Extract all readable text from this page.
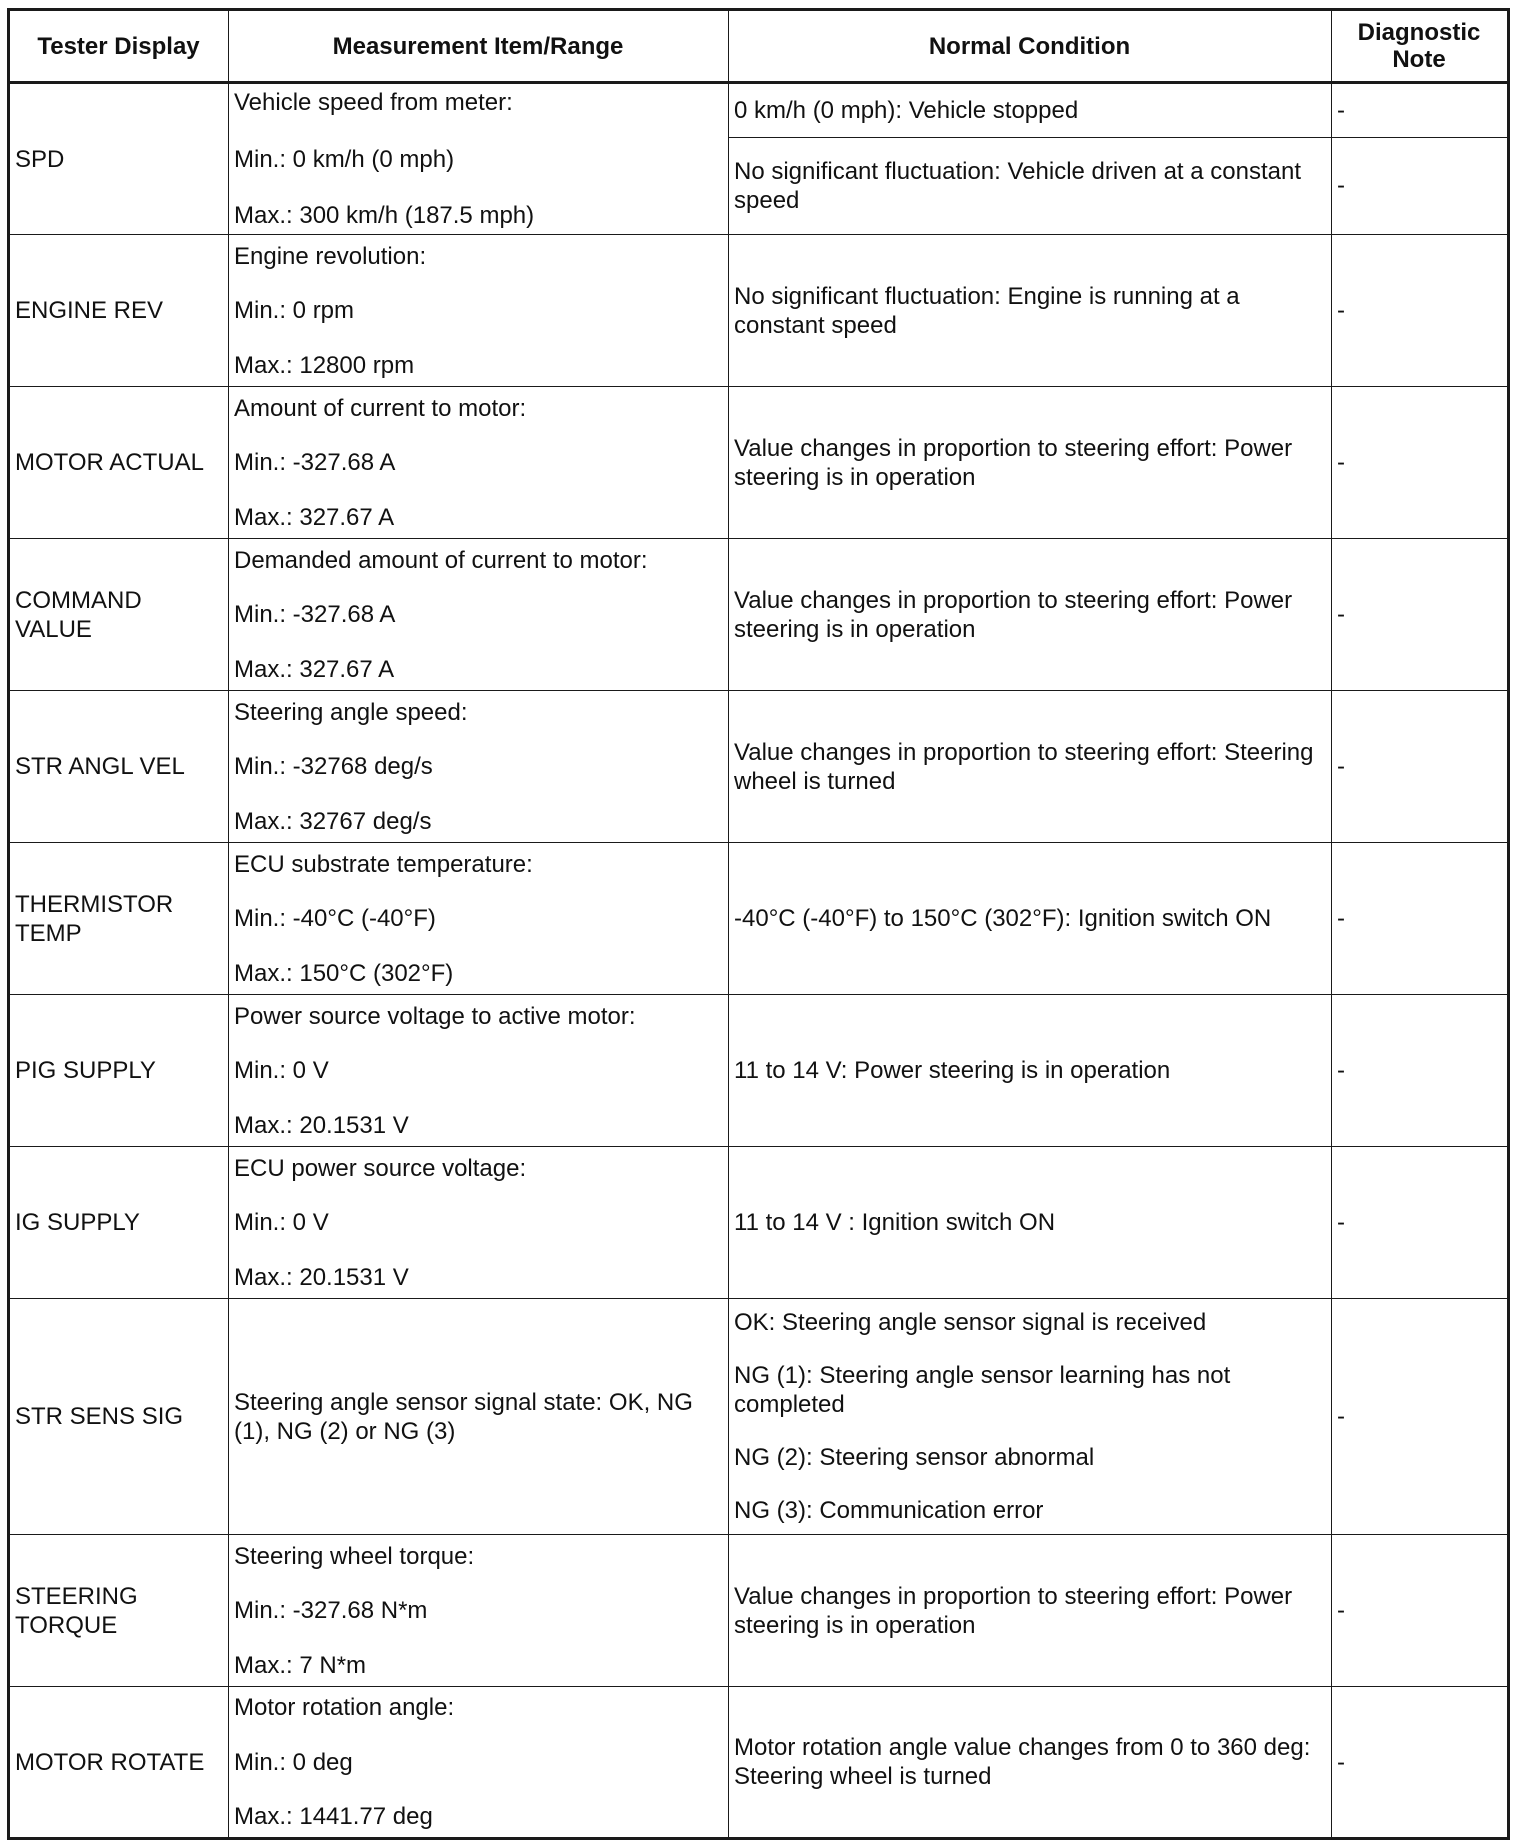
Tester Display	Measurement Item/Range	Normal Condition	Diagnostic Note
SPD	Vehicle speed from meter:
Min.: 0 km/h (0 mph)
Max.: 300 km/h (187.5 mph)	0 km/h (0 mph): Vehicle stopped	-
		No significant fluctuation: Vehicle driven at a constant speed	-
ENGINE REV	Engine revolution:
Min.: 0 rpm
Max.: 12800 rpm	No significant fluctuation: Engine is running at a constant speed	-
MOTOR ACTUAL	Amount of current to motor:
Min.: -327.68 A
Max.: 327.67 A	Value changes in proportion to steering effort: Power steering is in operation	-
COMMAND VALUE	Demanded amount of current to motor:
Min.: -327.68 A
Max.: 327.67 A	Value changes in proportion to steering effort: Power steering is in operation	-
STR ANGL VEL	Steering angle speed:
Min.: -32768 deg/s
Max.: 32767 deg/s	Value changes in proportion to steering effort: Steering wheel is turned	-
THERMISTOR TEMP	ECU substrate temperature:
Min.: -40°C (-40°F)
Max.: 150°C (302°F)	-40°C (-40°F) to 150°C (302°F): Ignition switch ON	-
PIG SUPPLY	Power source voltage to active motor:
Min.: 0 V
Max.: 20.1531 V	11 to 14 V: Power steering is in operation	-
IG SUPPLY	ECU power source voltage:
Min.: 0 V
Max.: 20.1531 V	11 to 14 V : Ignition switch ON	-
STR SENS SIG	Steering angle sensor signal state: OK, NG (1), NG (2) or NG (3)	OK: Steering angle sensor signal is received
NG (1): Steering angle sensor learning has not completed
NG (2): Steering sensor abnormal
NG (3): Communication error	-
STEERING TORQUE	Steering wheel torque:
Min.: -327.68 N*m
Max.: 7 N*m	Value changes in proportion to steering effort: Power steering is in operation	-
MOTOR ROTATE	Motor rotation angle:
Min.: 0 deg
Max.: 1441.77 deg	Motor rotation angle value changes from 0 to 360 deg: Steering wheel is turned	-
